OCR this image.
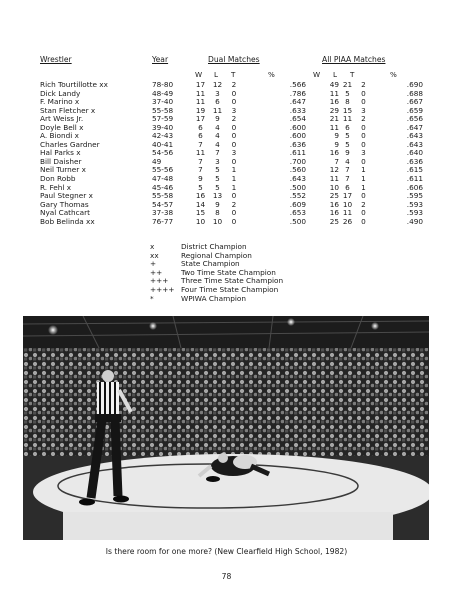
Wrestler	Year	Dual Matches	All PIAA Matches
W L T	%	W L T	%
Rich Tourtillotte xx	78-80	17	12	2	.566	49	21	2	.690
Dick Landy	48-49	11	3	0	.786	11	5	0	.688
F. Marino x	37-40	11	6	0	.647	16	8	0	.667
Stan Fletcher x	55-58	19	11	3	.633	29	15	3	.659
Art Weiss Jr.	57-59	17	9	2	.654	21	11	2	.656
Doyle Bell x	39-40	6	4	0	.600	11	6	0	.647
A. Biondi x	42-43	6	4	0	.600	9	5	0	.643
Charles Gardner	40-41	7	4	0	.636	9	5	0	.643
Hal Parks x	54-56	11	7	3	.611	16	9	3	.640
Bill Daisher	49	7	3	0	.700	7	4	0	.636
Neil Turner x	55-56	7	5	1	.560	12	7	1	.615
Don Robb	47-48	9	5	1	.643	11	7	1	.611
R. Fehl x	45-46	5	5	1	.500	10	6	1	.606
Paul Stegner x	55-58	16	13	0	.552	25	17	0	.595
Gary Thomas	54-57	14	9	2	.609	16	10	2	.593
Nyal Cathcart	37-38	15	8	0	.653	16	11	0	.593
Bob Belinda xx	76-77	10	10	0	.500	25	26	0	.490
x	District Champion
xx	Regional Champion
+	State Champion
++	Two Time State Champion
+++	Three Time State Champion
++++ Four Time State Champion
*	WPIWA Champion
Is there room for one more? (New Clearfield High School, 1982)
78
